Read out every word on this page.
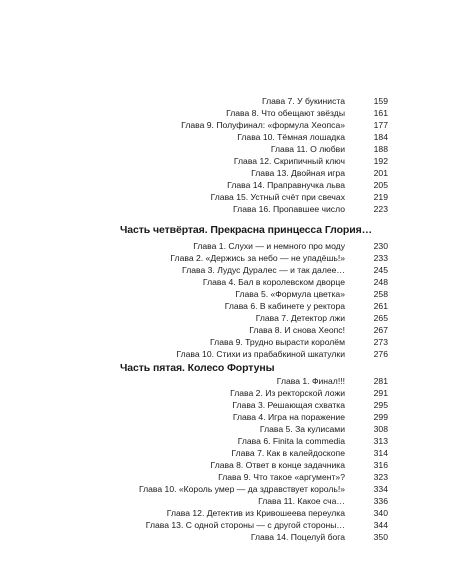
Глава 7. У букиниста	159
Глава 8. Что обещают звёзды	161
Глава 9. Полуфинал: «формула Хеопса»	177
Глава 10. Тёмная лошадка	184
Глава 11. О любви	188
Глава 12. Скрипичный ключ	192
Глава 13. Двойная игра	201
Глава 14. Праправнучка льва	205
Глава 15. Устный счёт при свечах	219
Глава 16. Пропавшее число	223
Часть четвёртая. Прекрасна принцесса Глория…
Глава 1. Слухи — и немного про моду	230
Глава 2. «Держись за небо — не упадёшь!»	233
Глава 3. Лудус Дуралес — и так далее…	245
Глава 4. Бал в королевском дворце	248
Глава 5. «Формула цветка»	258
Глава 6. В кабинете у ректора	261
Глава 7. Детектор лжи	265
Глава 8. И снова Хеопс!	267
Глава 9. Трудно вырасти королём	273
Глава 10. Стихи из прабабкиной шкатулки	276
Часть пятая. Колесо Фортуны
Глава 1. Финал!!!	281
Глава 2. Из ректорской ложи	291
Глава 3. Решающая схватка	295
Глава 4. Игра на поражение	299
Глава 5. За кулисами	308
Глава 6. Finita la commedia	313
Глава 7. Как в калейдоскопе	314
Глава 8. Ответ в конце задачника	316
Глава 9. Что такое «аргумент»?	323
Глава 10. «Король умер — да здравствует король!»	334
Глава 11. Какое сча…	336
Глава 12. Детектив из Кривошеева переулка	340
Глава 13. С одной стороны — с другой стороны…	344
Глава 14. Поцелуй бога	350
